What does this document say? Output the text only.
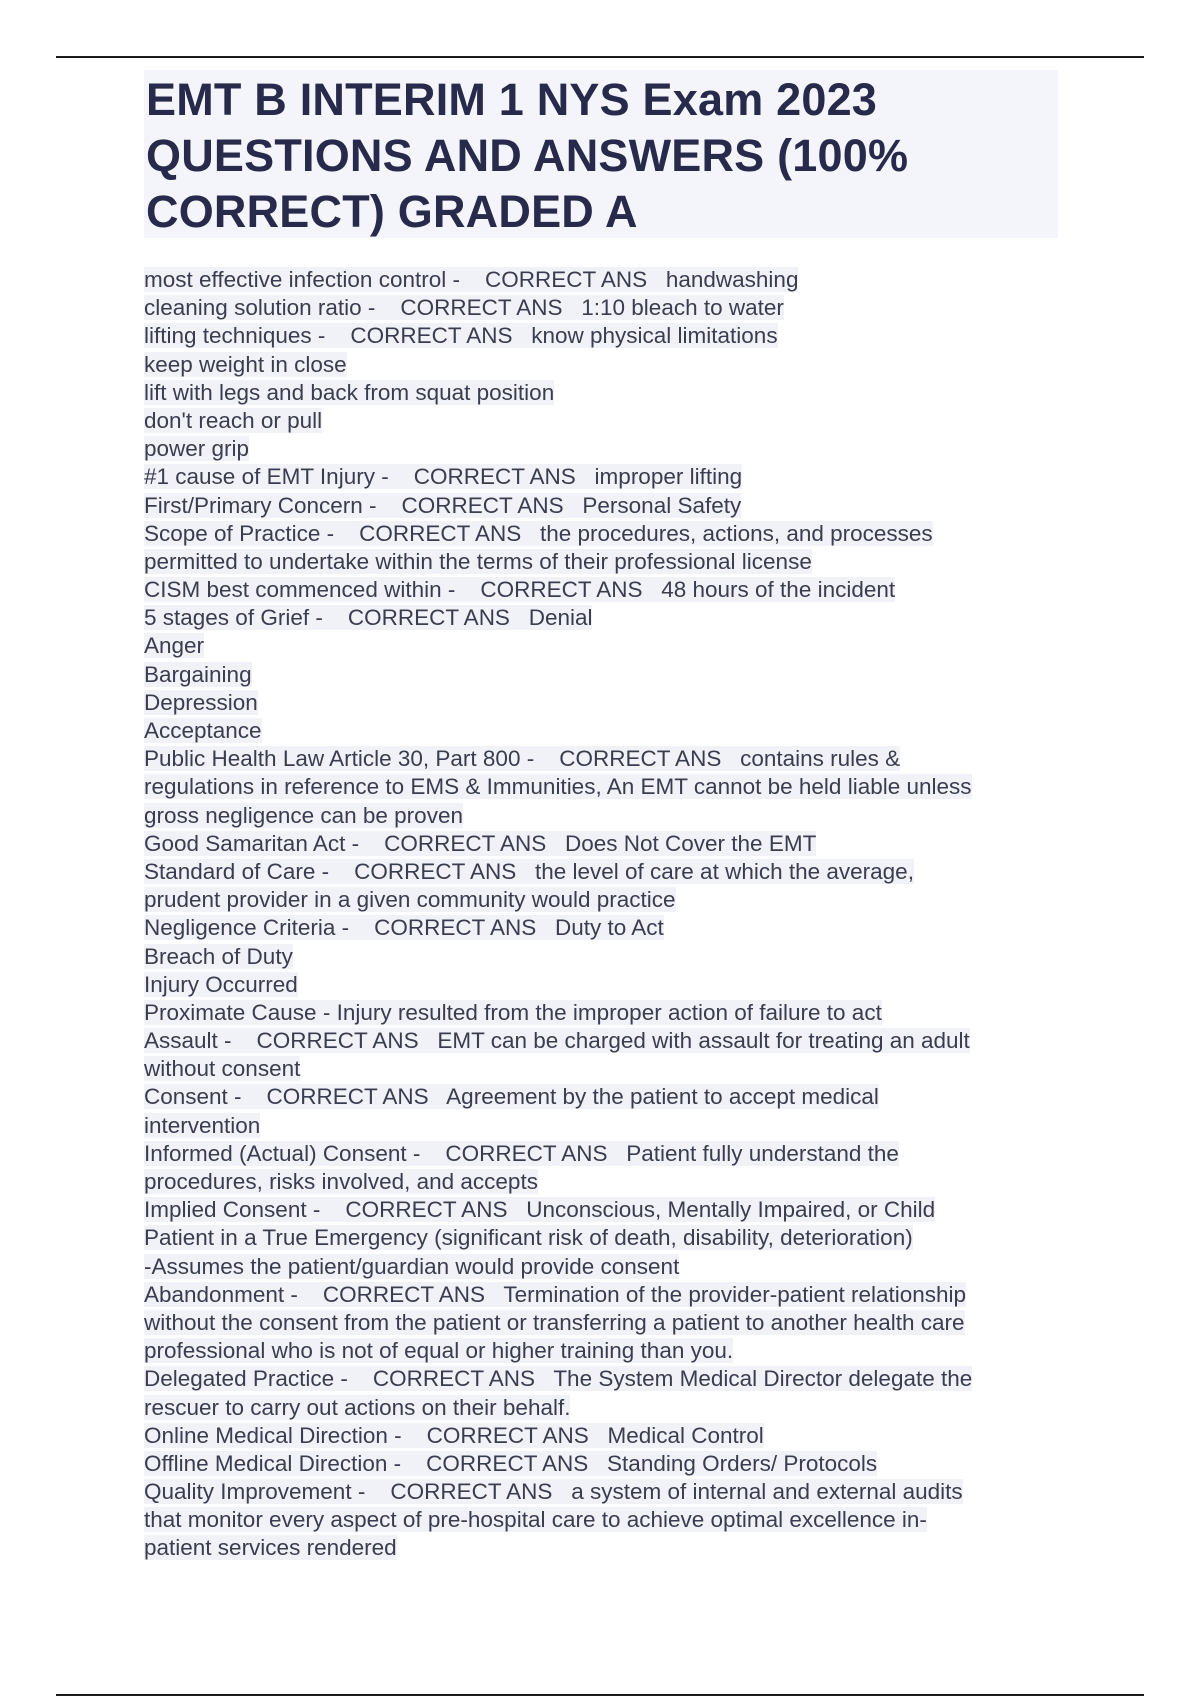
EMT B INTERIM 1 NYS Exam 2023
QUESTIONS AND ANSWERS (100%
CORRECT) GRADED A
most effective infection control -    CORRECT ANS   handwashing
cleaning solution ratio -    CORRECT ANS   1:10 bleach to water
lifting techniques -    CORRECT ANS   know physical limitations
keep weight in close
lift with legs and back from squat position
don't reach or pull
power grip
#1 cause of EMT Injury -    CORRECT ANS   improper lifting
First/Primary Concern -    CORRECT ANS   Personal Safety
Scope of Practice -    CORRECT ANS   the procedures, actions, and processes
permitted to undertake within the terms of their professional license
CISM best commenced within -    CORRECT ANS   48 hours of the incident
5 stages of Grief -    CORRECT ANS   Denial
Anger
Bargaining
Depression
Acceptance
Public Health Law Article 30, Part 800 -    CORRECT ANS   contains rules &
regulations in reference to EMS & Immunities, An EMT cannot be held liable unless
gross negligence can be proven
Good Samaritan Act -    CORRECT ANS   Does Not Cover the EMT
Standard of Care -    CORRECT ANS   the level of care at which the average,
prudent provider in a given community would practice
Negligence Criteria -    CORRECT ANS   Duty to Act
Breach of Duty
Injury Occurred
Proximate Cause - Injury resulted from the improper action of failure to act
Assault -    CORRECT ANS   EMT can be charged with assault for treating an adult
without consent
Consent -    CORRECT ANS   Agreement by the patient to accept medical
intervention
Informed (Actual) Consent -    CORRECT ANS   Patient fully understand the
procedures, risks involved, and accepts
Implied Consent -    CORRECT ANS   Unconscious, Mentally Impaired, or Child
Patient in a True Emergency (significant risk of death, disability, deterioration)
-Assumes the patient/guardian would provide consent
Abandonment -    CORRECT ANS   Termination of the provider-patient relationship
without the consent from the patient or transferring a patient to another health care
professional who is not of equal or higher training than you.
Delegated Practice -    CORRECT ANS   The System Medical Director delegate the
rescuer to carry out actions on their behalf.
Online Medical Direction -    CORRECT ANS   Medical Control
Offline Medical Direction -    CORRECT ANS   Standing Orders/ Protocols
Quality Improvement -    CORRECT ANS   a system of internal and external audits
that monitor every aspect of pre-hospital care to achieve optimal excellence in-
patient services rendered
